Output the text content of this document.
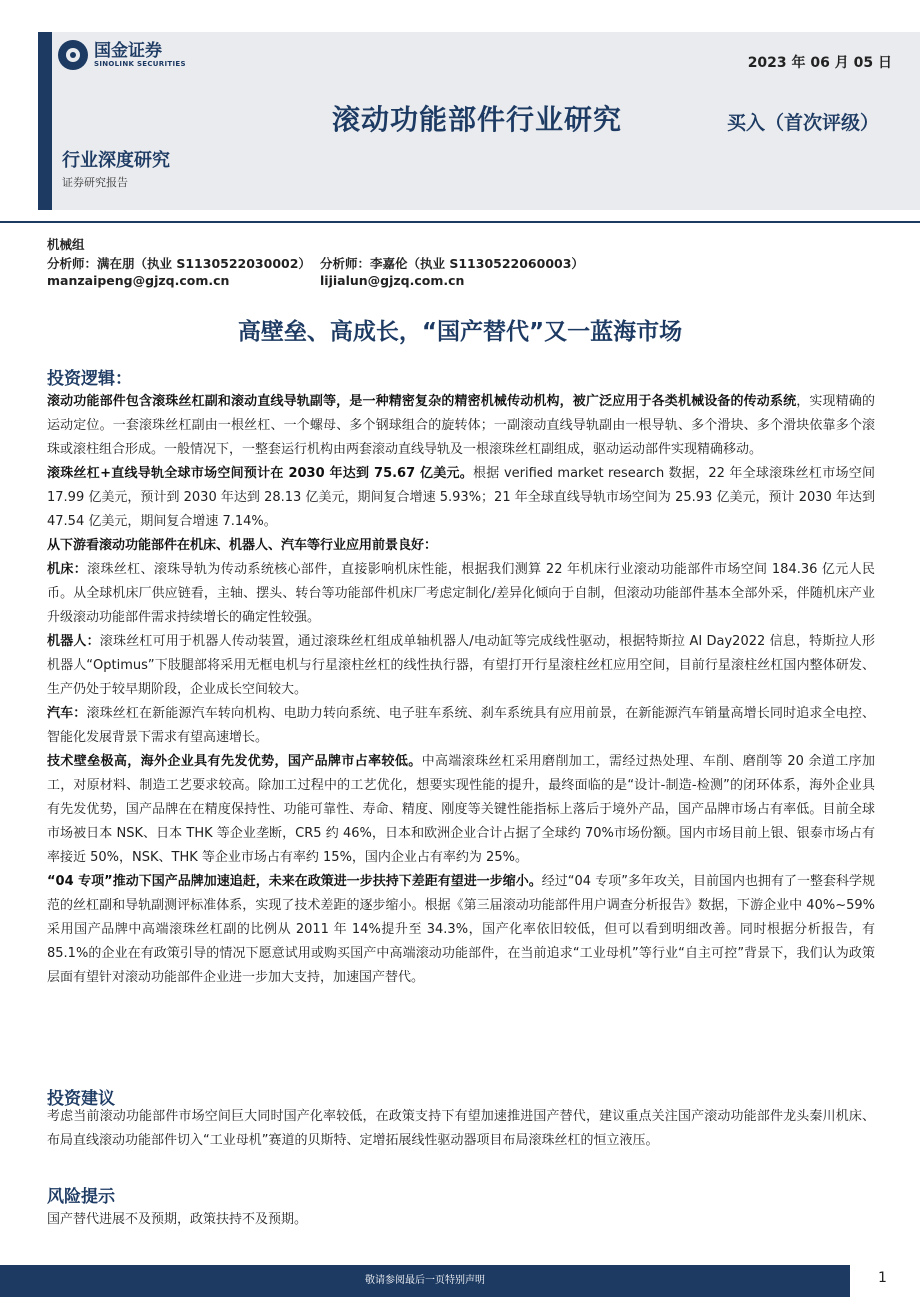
国金证券
SINOLINK SECURITIES	2023 年 06 月 05 日
滚动功能部件行业研究	买入（首次评级）
行业深度研究
证券研究报告
机械组
分析师：满在朋（执业 S1130522030002） 分析师：李嘉伦（执业 S1130522060003）
manzaipeng@gjzq.com.cn	lijialun@gjzq.com.cn
高壁垒、高成长，“国产替代”又一蓝海市场
投资逻辑：

滚动功能部件包含滚珠丝杠副和滚动直线导轨副等，是一种精密复杂的精密机械传动机构，被广泛应用于各类机械设备的传动系统，实现精确的运动定位。一套滚珠丝杠副由一根丝杠、一个螺母、多个钢球组合的旋转体；一副滚动直线导轨副由一根导轨、多个滑块、多个滑块依靠多个滚珠或滚柱组合形成。一般情况下，一整套运行机构由两套滚动直线导轨及一根滚珠丝杠副组成，驱动运动部件实现精确移动。

滚珠丝杠+直线导轨全球市场空间预计在 2030 年达到 75.67 亿美元。根据 verified market research 数据，22 年全球滚珠丝杠市场空间 17.99 亿美元，预计到 2030 年达到 28.13 亿美元，期间复合增速 5.93%；21 年全球直线导轨市场空间为 25.93 亿美元，预计 2030 年达到 47.54 亿美元，期间复合增速 7.14%。

从下游看滚动功能部件在机床、机器人、汽车等行业应用前景良好：

机床：滚珠丝杠、滚珠导轨为传动系统核心部件，直接影响机床性能，根据我们测算 22 年机床行业滚动功能部件市场空间 184.36 亿元人民币。从全球机床厂供应链看，主轴、摆头、转台等功能部件机床厂考虑定制化/差异化倾向于自制，但滚动功能部件基本全部外采，伴随机床产业升级滚动功能部件需求持续增长的确定性较强。

机器人：滚珠丝杠可用于机器人传动装置，通过滚珠丝杠组成单轴机器人/电动缸等完成线性驱动，根据特斯拉 AI Day2022 信息，特斯拉人形机器人“Optimus”下肢腿部将采用无框电机与行星滚柱丝杠的线性执行器，有望打开行星滚柱丝杠应用空间，目前行星滚柱丝杠国内整体研发、生产仍处于较早期阶段，企业成长空间较大。

汽车：滚珠丝杠在新能源汽车转向机构、电助力转向系统、电子驻车系统、刹车系统具有应用前景，在新能源汽车销量高增长同时追求全电控、智能化发展背景下需求有望高速增长。

技术壁垒极高，海外企业具有先发优势，国产品牌市占率较低。中高端滚珠丝杠采用磨削加工，需经过热处理、车削、磨削等 20 余道工序加工，对原材料、制造工艺要求较高。除加工过程中的工艺优化，想要实现性能的提升，最终面临的是“设计-制造-检测”的闭环体系，海外企业具有先发优势，国产品牌在在精度保持性、功能可靠性、寿命、精度、刚度等关键性能指标上落后于境外产品，国产品牌市场占有率低。目前全球市场被日本 NSK、日本 THK 等企业垄断，CR5 约 46%，日本和欧洲企业合计占据了全球约 70%市场份额。国内市场目前上银、银泰市场占有率接近 50%，NSK、THK 等企业市场占有率约 15%，国内企业占有率约为 25%。

“04 专项”推动下国产品牌加速追赶，未来在政策进一步扶持下差距有望进一步缩小。经过“04 专项”多年攻关，目前国内也拥有了一整套科学规范的丝杠副和导轨副测评标准体系，实现了技术差距的逐步缩小。根据《第三届滚动功能部件用户调查分析报告》数据，下游企业中 40%~59%采用国产品牌中高端滚珠丝杠副的比例从 2011 年 14%提升至 34.3%，国产化率依旧较低，但可以看到明细改善。同时根据分析报告，有 85.1%的企业在有政策引导的情况下愿意试用或购买国产中高端滚动功能部件，在当前追求“工业母机”等行业“自主可控”背景下，我们认为政策层面有望针对滚动功能部件企业进一步加大支持，加速国产替代。

投资建议

考虑当前滚动功能部件市场空间巨大同时国产化率较低，在政策支持下有望加速推进国产替代，建议重点关注国产滚动功能部件龙头秦川机床、布局直线滚动功能部件切入“工业母机”赛道的贝斯特、定增拓展线性驱动器项目布局滚珠丝杠的恒立液压。

风险提示

国产替代进展不及预期，政策扶持不及预期。

敬请参阅最后一页特别声明	1
